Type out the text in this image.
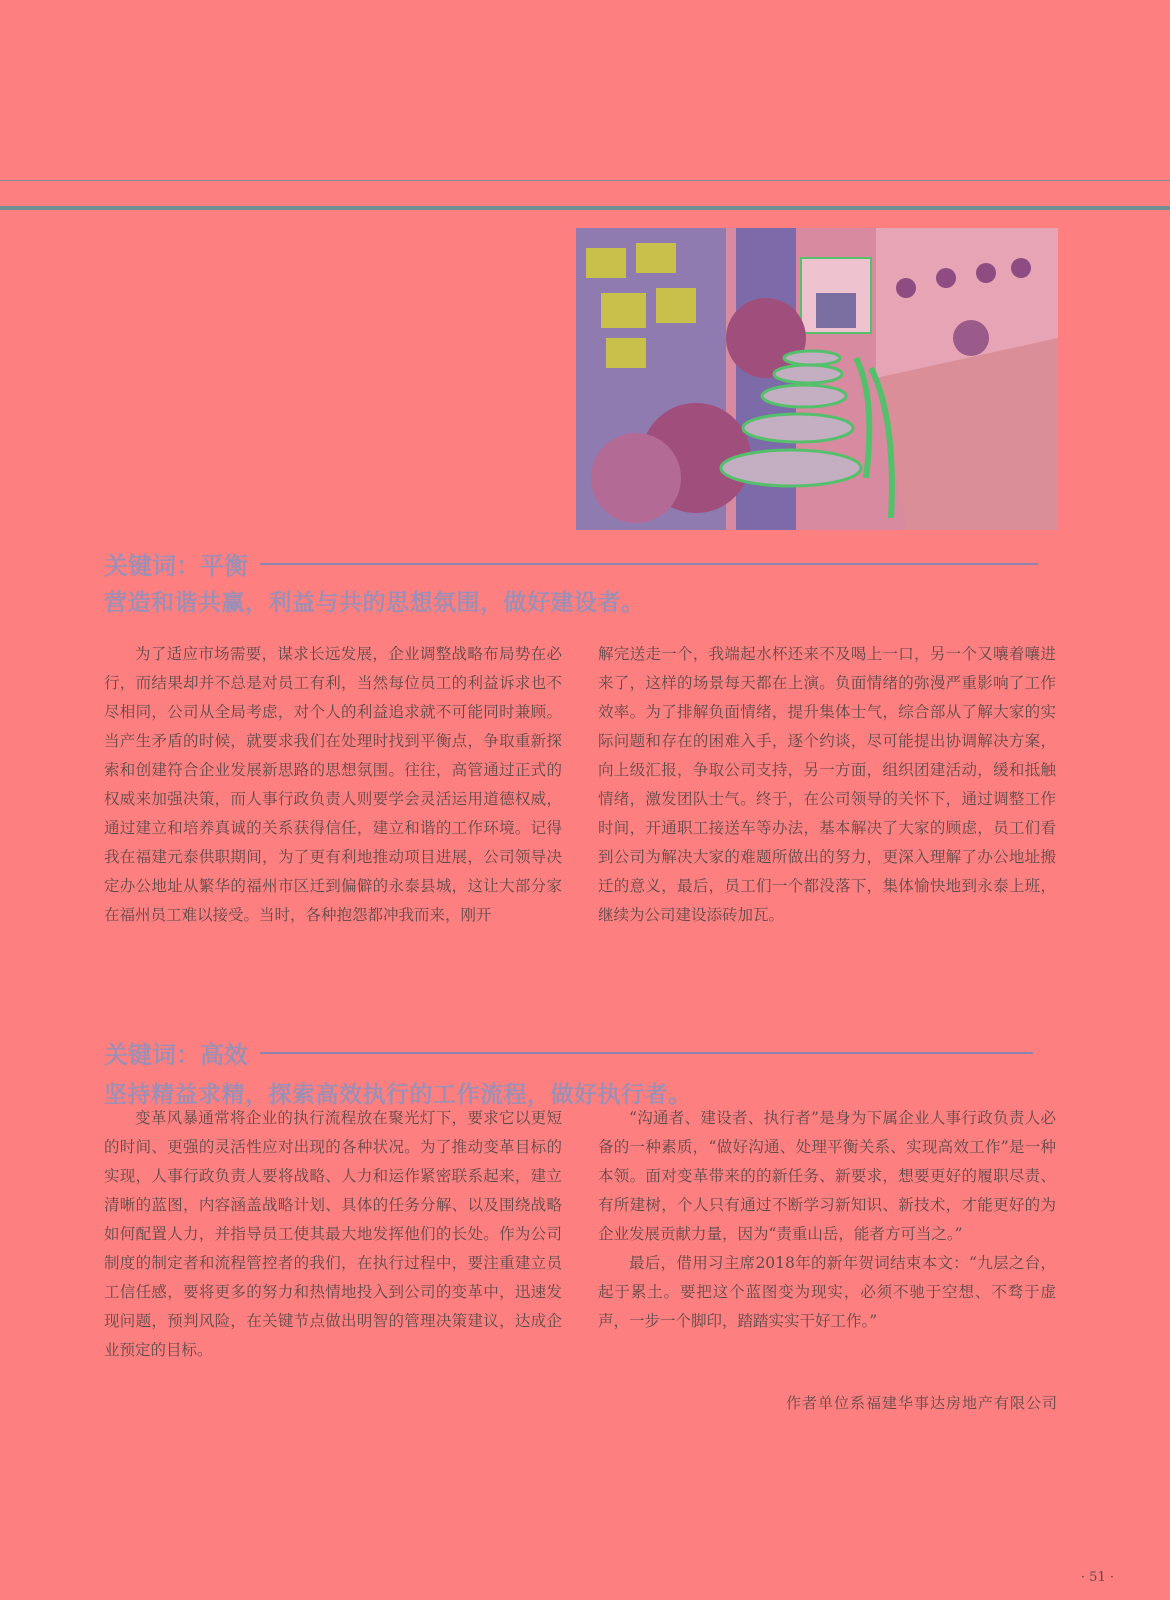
关键词：平衡
营造和谐共赢，利益与共的思想氛围，做好建设者。

为了适应市场需要，谋求长远发展，企业调整战略布局势在必行，而结果却并不总是对员工有利，当然每位员工的利益诉求也不尽相同，公司从全局考虑，对个人的利益追求就不可能同时兼顾。当产生矛盾的时候，就要求我们在处理时找到平衡点，争取重新探索和创建符合企业发展新思路的思想氛围。往往，高管通过正式的权威来加强决策，而人事行政负责人则要学会灵活运用道德权威，通过建立和培养真诚的关系获得信任，建立和谐的工作环境。记得我在福建元泰供职期间，为了更有利地推动项目进展，公司领导决定办公地址从繁华的福州市区迁到偏僻的永泰县城，这让大部分家在福州员工难以接受。当时，各种抱怨都冲我而来，刚开

解完送走一个，我端起水杯还来不及喝上一口，另一个又嚷着嚷进来了，这样的场景每天都在上演。负面情绪的弥漫严重影响了工作效率。为了排解负面情绪，提升集体士气，综合部从了解大家的实际问题和存在的困难入手，逐个约谈，尽可能提出协调解决方案，向上级汇报，争取公司支持，另一方面，组织团建活动，缓和抵触情绪，激发团队士气。终于，在公司领导的关怀下，通过调整工作时间，开通职工接送车等办法，基本解决了大家的顾虑，员工们看到公司为解决大家的难题所做出的努力，更深入理解了办公地址搬迁的意义，最后，员工们一个都没落下，集体愉快地到永泰上班，继续为公司建设添砖加瓦。

关键词：高效
坚持精益求精，探索高效执行的工作流程，做好执行者。

变革风暴通常将企业的执行流程放在聚光灯下，要求它以更短的时间、更强的灵活性应对出现的各种状况。为了推动变革目标的实现，人事行政负责人要将战略、人力和运作紧密联系起来，建立清晰的蓝图，内容涵盖战略计划、具体的任务分解、以及围绕战略如何配置人力，并指导员工使其最大地发挥他们的长处。作为公司制度的制定者和流程管控者的我们，在执行过程中，要注重建立员工信任感，要将更多的努力和热情地投入到公司的变革中，迅速发现问题，预判风险，在关键节点做出明智的管理决策建议，达成企业预定的目标。

“沟通者、建设者、执行者”是身为下属企业人事行政负责人必备的一种素质，“做好沟通、处理平衡关系、实现高效工作”是一种本领。面对变革带来的的新任务、新要求，想要更好的履职尽责、有所建树，个人只有通过不断学习新知识、新技术，才能更好的为企业发展贡献力量，因为“责重山岳，能者方可当之。”

最后，借用习主席2018年的新年贺词结束本文：“九层之台，起于累土。要把这个蓝图变为现实，必须不驰于空想、不骛于虚声，一步一个脚印，踏踏实实干好工作。”

作者单位系福建华事达房地产有限公司
· 51 ·
